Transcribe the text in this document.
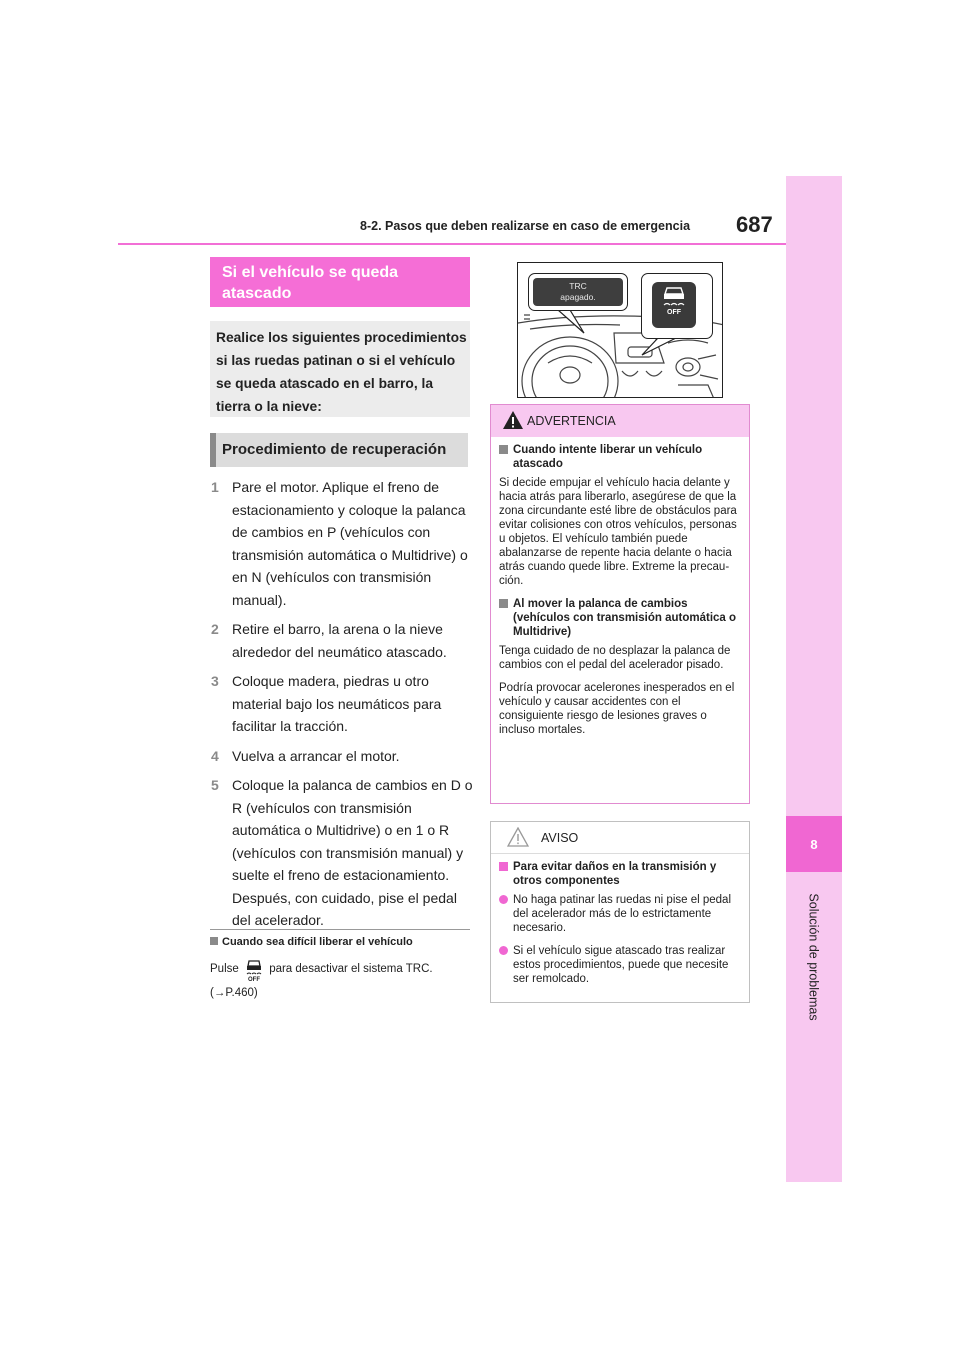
8
Solución de problemas
8-2. Pasos que deben realizarse en caso de emergencia 687
Si el vehículo se queda atascado
Realice los siguientes procedimientos si las ruedas patinan o si el vehículo se queda atascado en el barro, la tierra o la nieve:
Procedimiento de recuperación
1 Pare el motor. Aplique el freno de estacionamiento y coloque la palanca de cambios en P (vehículos con transmisión automática o Multidrive) o en N (vehículos con transmisión manual).
2 Retire el barro, la arena o la nieve alrededor del neumático atascado.
3 Coloque madera, piedras u otro material bajo los neumáticos para facilitar la tracción.
4 Vuelva a arrancar el motor.
5 Coloque la palanca de cambios en D o R (vehículos con transmisión automática o Multidrive) o en 1 o R (vehículos con transmisión manual) y suelte el freno de estacionamiento. Después, con cuidado, pise el pedal del acelerador.
Cuando sea difícil liberar el vehículo
Pulse
OFF
para desactivar el sistema TRC.
(→P.460)
TRC
apagado.
OFF
ADVERTENCIA
Cuando intente liberar un vehículo atascado

Si decide empujar el vehículo hacia delante y hacia atrás para liberarlo, asegúrese de que la zona circundante esté libre de obstáculos para evitar colisiones con otros vehículos, personas u objetos. El vehículo también puede abalanzarse de repente hacia delante o hacia atrás cuando quede libre. Extreme la precaución.

Al mover la palanca de cambios (vehículos con transmisión automática o Multidrive)

Tenga cuidado de no desplazar la palanca de cambios con el pedal del acelerador pisado.

Podría provocar acelerones inesperados en el vehículo y causar accidentes con el consiguiente riesgo de lesiones graves o incluso mortales.

AVISO
Para evitar daños en la transmisión y otros componentes
No haga patinar las ruedas ni pise el pedal del acelerador más de lo estrictamente necesario.
Si el vehículo sigue atascado tras realizar estos procedimientos, puede que necesite ser remolcado.
